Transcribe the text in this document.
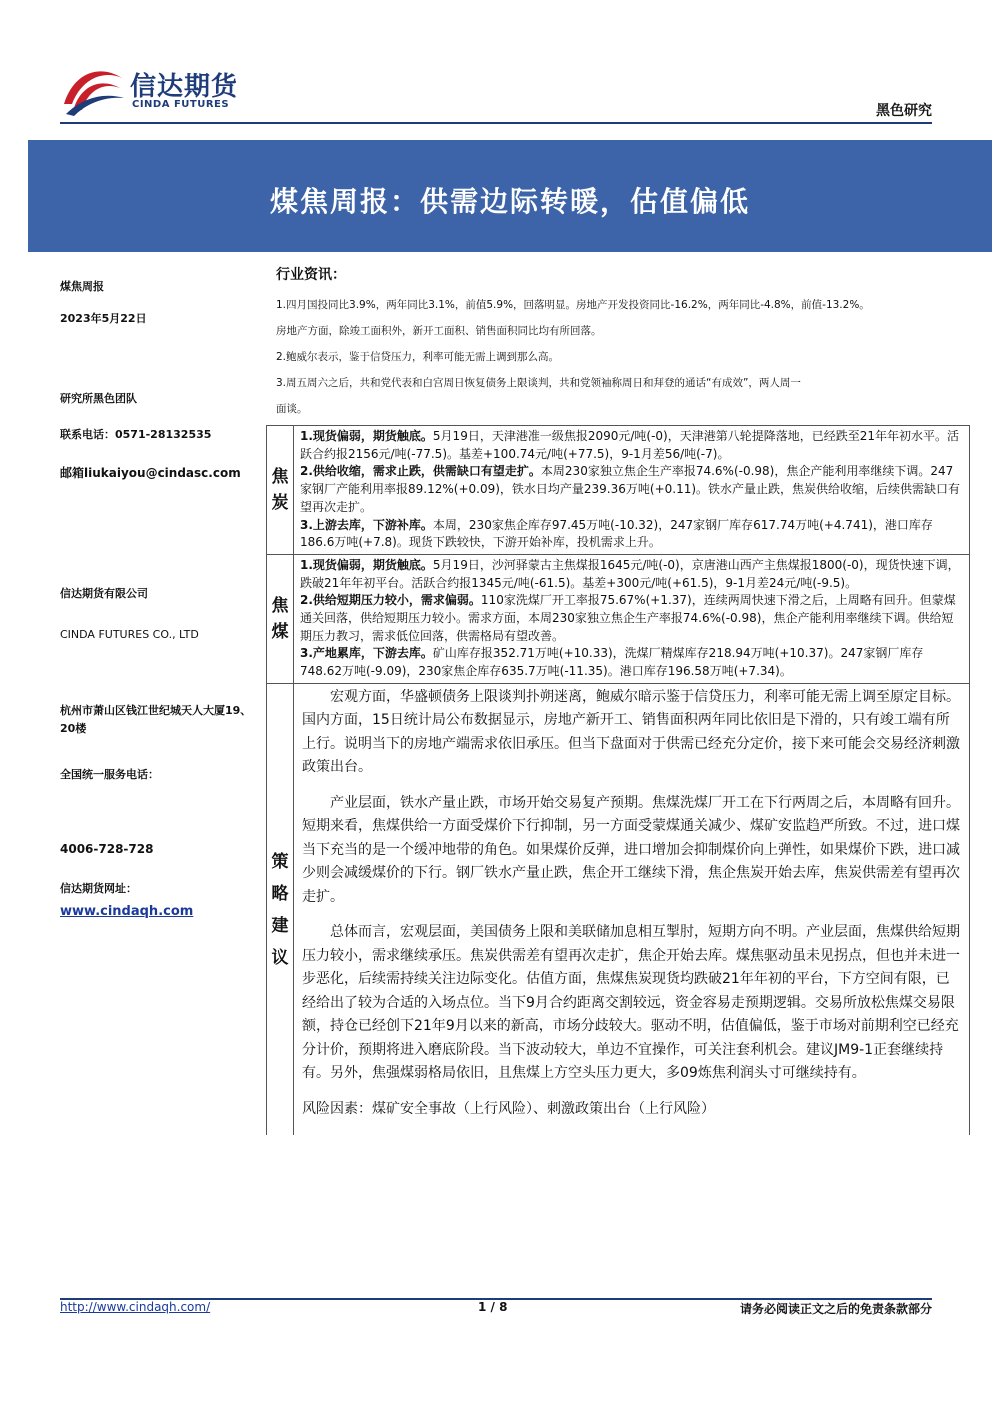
信达期货
CINDA FUTURES	黑色研究
煤焦周报：供需边际转暖，估值偏低
煤焦周报
2023年5月22日
研究所黑色团队
联系电话：0571-28132535
邮箱liukaiyou@cindasc.com
信达期货有限公司
CINDA FUTURES CO., LTD
杭州市萧山区钱江世纪城天人大厦19、20楼
全国统一服务电话：
4006-728-728
信达期货网址：
www.cindaqh.com
行业资讯：

1.四月国投同比3.9%，两年同比3.1%，前值5.9%，回落明显。房地产开发投资同比-16.2%，两年同比-4.8%，前值-13.2%。

房地产方面，除竣工面积外，新开工面积、销售面积同比均有所回落。

2.鲍威尔表示，鉴于信贷压力，利率可能无需上调到那么高。

3.周五周六之后，共和党代表和白宫周日恢复债务上限谈判，共和党领袖称周日和拜登的通话“有成效”，两人周一

面谈。

焦炭	1.现货偏弱，期货触底。5月19日，天津港准一级焦报2090元/吨(-0)，天津港第八轮提降落地，已经跌至21年年初水平。活跃合约报2156元/吨(-77.5)。基差+100.74元/吨(+77.5)，9-1月差56/吨(-7)。
2.供给收缩，需求止跌，供需缺口有望走扩。本周230家独立焦企生产率报74.6%(-0.98)，焦企产能利用率继续下调。247家钢厂产能利用率报89.12%(+0.09)，铁水日均产量239.36万吨(+0.11)。铁水产量止跌，焦炭供给收缩，后续供需缺口有望再次走扩。
3.上游去库，下游补库。本周，230家焦企库存97.45万吨(-10.32)，247家钢厂库存617.74万吨(+4.741)，港口库存186.6万吨(+7.8)。现货下跌较快，下游开始补库，投机需求上升。

焦煤	1.现货偏弱，期货触底。5月19日，沙河驿蒙古主焦煤报1645元/吨(-0)，京唐港山西产主焦煤报1800(-0)，现货快速下调，跌破21年年初平台。活跃合约报1345元/吨(-61.5)。基差+300元/吨(+61.5)，9-1月差24元/吨(-9.5)。
2.供给短期压力较小，需求偏弱。110家洗煤厂开工率报75.67%(+1.37)，连续两周快速下滑之后，上周略有回升。但蒙煤通关回落，供给短期压力较小。需求方面，本周230家独立焦企生产率报74.6%(-0.98)，焦企产能利用率继续下调。供给短期压力教习，需求低位回落，供需格局有望改善。
3.产地累库，下游去库。矿山库存报352.71万吨(+10.33)，洗煤厂精煤库存218.94万吨(+10.37)。247家钢厂库存748.62万吨(-9.09)，230家焦企库存635.7万吨(-11.35)。港口库存196.58万吨(+7.34)。

策略建议	宏观方面，华盛顿债务上限谈判扑朔迷离，鲍威尔暗示鉴于信贷压力，利率可能无需上调至原定目标。国内方面，15日统计局公布数据显示，房地产新开工、销售面积两年同比依旧是下滑的，只有竣工端有所上行。说明当下的房地产端需求依旧承压。但当下盘面对于供需已经充分定价，接下来可能会交易经济刺激政策出台。

产业层面，铁水产量止跌，市场开始交易复产预期。焦煤洗煤厂开工在下行两周之后，本周略有回升。短期来看，焦煤供给一方面受煤价下行抑制，另一方面受蒙煤通关减少、煤矿安监趋严所致。不过，进口煤当下充当的是一个缓冲地带的角色。如果煤价反弹，进口增加会抑制煤价向上弹性，如果煤价下跌，进口减少则会减缓煤价的下行。钢厂铁水产量止跌，焦企开工继续下滑，焦企焦炭开始去库，焦炭供需差有望再次走扩。

总体而言，宏观层面，美国债务上限和美联储加息相互掣肘，短期方向不明。产业层面，焦煤供给短期压力较小，需求继续承压。焦炭供需差有望再次走扩，焦企开始去库。煤焦驱动虽未见拐点，但也并未进一步恶化，后续需持续关注边际变化。估值方面，焦煤焦炭现货均跌破21年年初的平台，下方空间有限，已经给出了较为合适的入场点位。当下9月合约距离交割较远，资金容易走预期逻辑。交易所放松焦煤交易限额，持仓已经创下21年9月以来的新高，市场分歧较大。驱动不明，估值偏低，鉴于市场对前期利空已经充分计价，预期将进入磨底阶段。当下波动较大，单边不宜操作，可关注套利机会。建议JM9-1正套继续持有。另外，焦强煤弱格局依旧，且焦煤上方空头压力更大，多09炼焦利润头寸可继续持有。

风险因素：煤矿安全事故（上行风险）、刺激政策出台（上行风险）

http://www.cindaqh.com/	1 / 8	请务必阅读正文之后的免责条款部分
